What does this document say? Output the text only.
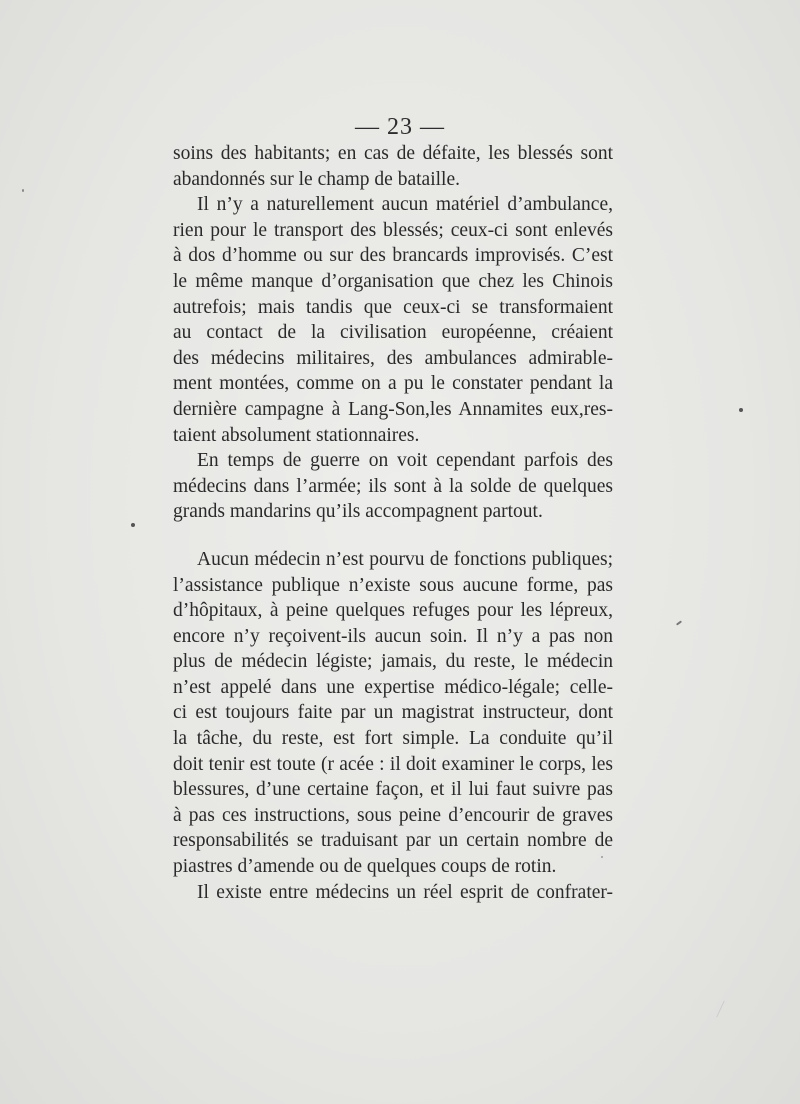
— 23 —
soins des habitants; en cas de défaite, les blessés sont
abandonnés sur le champ de bataille.
Il n’y a naturellement aucun matériel d’ambulance,
rien pour le transport des blessés; ceux-ci sont enlevés
à dos d’homme ou sur des brancards improvisés. C’est
le même manque d’organisation que chez les Chinois
autrefois; mais tandis que ceux-ci se transformaient
au contact de la civilisation européenne, créaient
des médecins militaires, des ambulances admirable-
ment montées, comme on a pu le constater pendant la
dernière campagne à Lang-Son,les Annamites eux,res-
taient absolument stationnaires.
En temps de guerre on voit cependant parfois des
médecins dans l’armée; ils sont à la solde de quelques
grands mandarins qu’ils accompagnent partout.
Aucun médecin n’est pourvu de fonctions publiques;
l’assistance publique n’existe sous aucune forme, pas
d’hôpitaux, à peine quelques refuges pour les lépreux,
encore n’y reçoivent-ils aucun soin. Il n’y a pas non
plus de médecin légiste; jamais, du reste, le médecin
n’est appelé dans une expertise médico-légale; celle-
ci est toujours faite par un magistrat instructeur, dont
la tâche, du reste, est fort simple. La conduite qu’il
doit tenir est toute (r acée : il doit examiner le corps, les
blessures, d’une certaine façon, et il lui faut suivre pas
à pas ces instructions, sous peine d’encourir de graves
responsabilités se traduisant par un certain nombre de
piastres d’amende ou de quelques coups de rotin.
Il existe entre médecins un réel esprit de confrater-
